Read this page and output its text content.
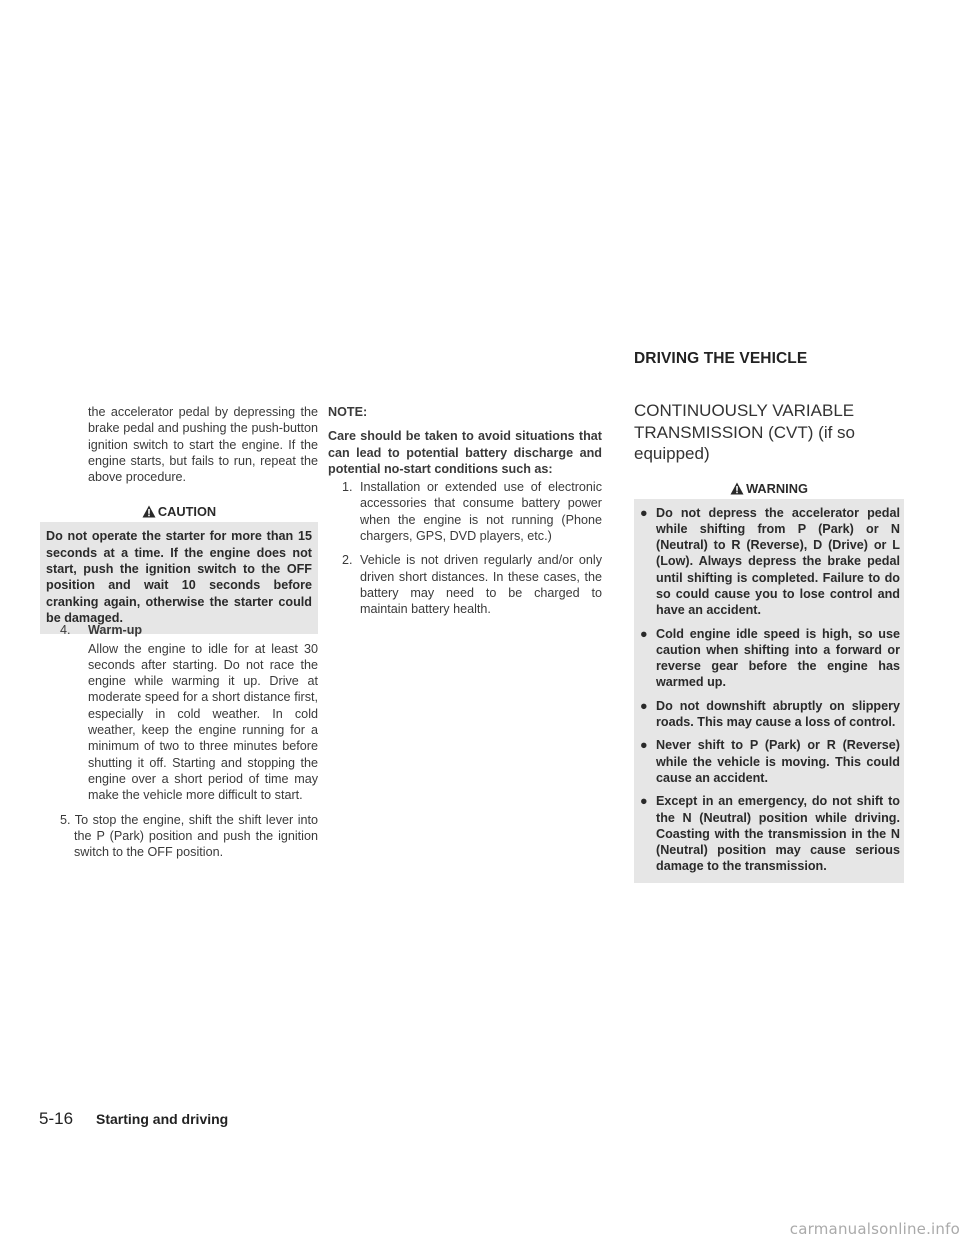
DRIVING THE VEHICLE

the accelerator pedal by depressing the brake pedal and pushing the push-button ignition switch to start the engine. If the engine starts, but fails to run, repeat the above procedure.

CAUTION
Do not operate the starter for more than 15 seconds at a time. If the engine does not start, push the ignition switch to the OFF position and wait 10 seconds before cranking again, otherwise the starter could be damaged.
4. Warm-up

Allow the engine to idle for at least 30 seconds after starting. Do not race the engine while warming it up. Drive at moderate speed for a short distance first, especially in cold weather. In cold weather, keep the engine running for a minimum of two to three minutes before shutting it off. Starting and stopping the engine over a short period of time may make the vehicle more difficult to start.

5. To stop the engine, shift the shift lever into the P (Park) position and push the ignition switch to the OFF position.

NOTE:

Care should be taken to avoid situations that can lead to potential battery discharge and potential no-start conditions such as:

1. Installation or extended use of electronic accessories that consume battery power when the engine is not running (Phone chargers, GPS, DVD players, etc.)
2. Vehicle is not driven regularly and/or only driven short distances. In these cases, the battery may need to be charged to maintain battery health.

CONTINUOUSLY VARIABLE TRANSMISSION (CVT) (if so equipped)

WARNING
● Do not depress the accelerator pedal while shifting from P (Park) or N (Neutral) to R (Reverse), D (Drive) or L (Low). Always depress the brake pedal until shifting is completed. Failure to do so could cause you to lose control and have an accident.
● Cold engine idle speed is high, so use caution when shifting into a forward or reverse gear before the engine has warmed up.
● Do not downshift abruptly on slippery roads. This may cause a loss of control.
● Never shift to P (Park) or R (Reverse) while the vehicle is moving. This could cause an accident.
● Except in an emergency, do not shift to the N (Neutral) position while driving. Coasting with the transmission in the N (Neutral) position may cause serious damage to the transmission.
5-16 Starting and driving
carmanualsonline.info
